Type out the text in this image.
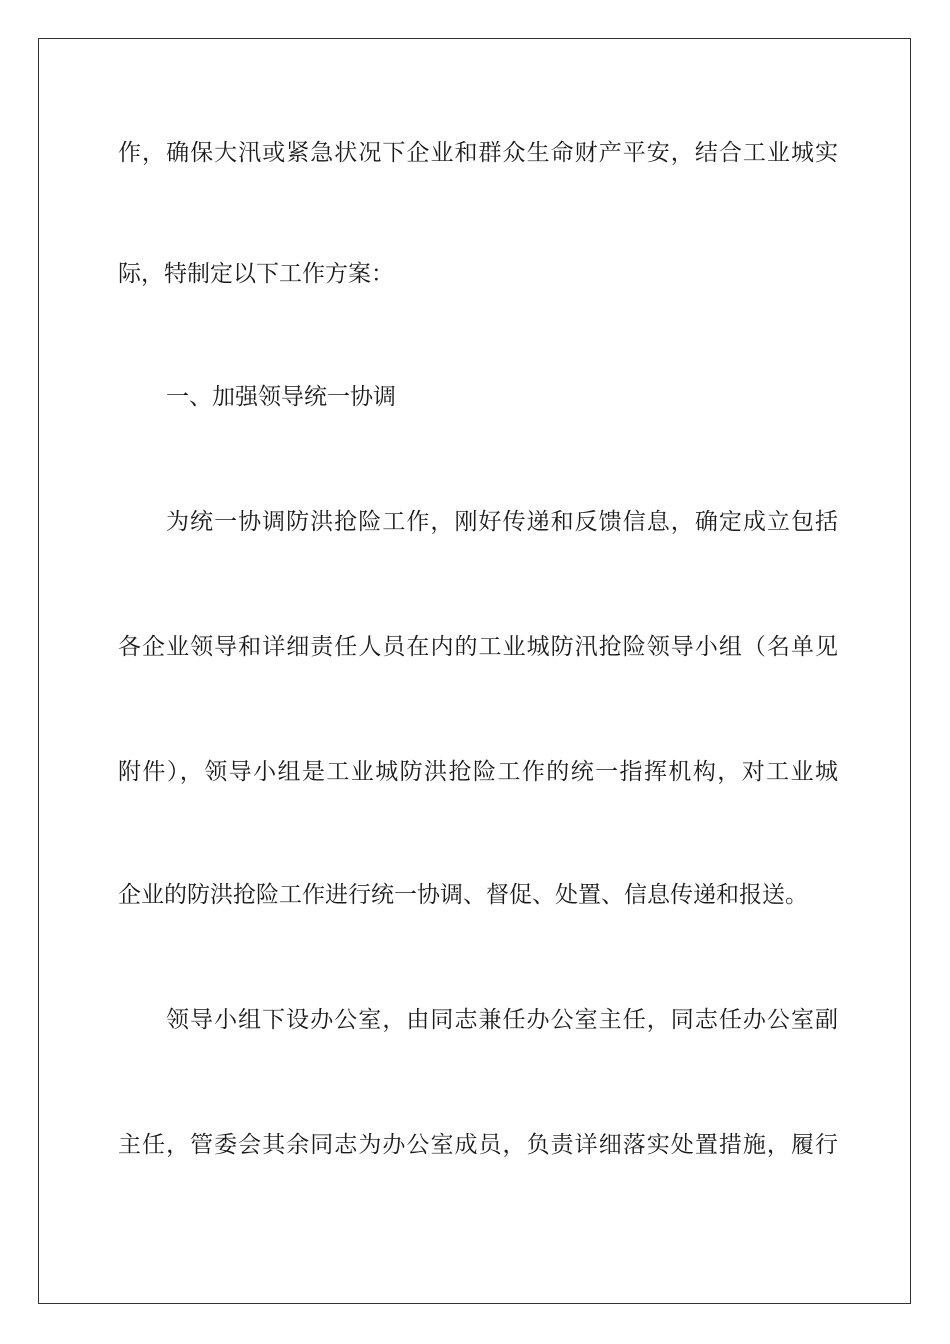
作，确保大汛或紧急状况下企业和群众生命财产平安，结合工业城实
际，特制定以下工作方案：
一、加强领导统一协调
为统一协调防洪抢险工作，刚好传递和反馈信息，确定成立包括
各企业领导和详细责任人员在内的工业城防汛抢险领导小组（名单见
附件），领导小组是工业城防洪抢险工作的统一指挥机构，对工业城
企业的防洪抢险工作进行统一协调、督促、处置、信息传递和报送。
领导小组下设办公室，由同志兼任办公室主任，同志任办公室副
主任，管委会其余同志为办公室成员，负责详细落实处置措施，履行
